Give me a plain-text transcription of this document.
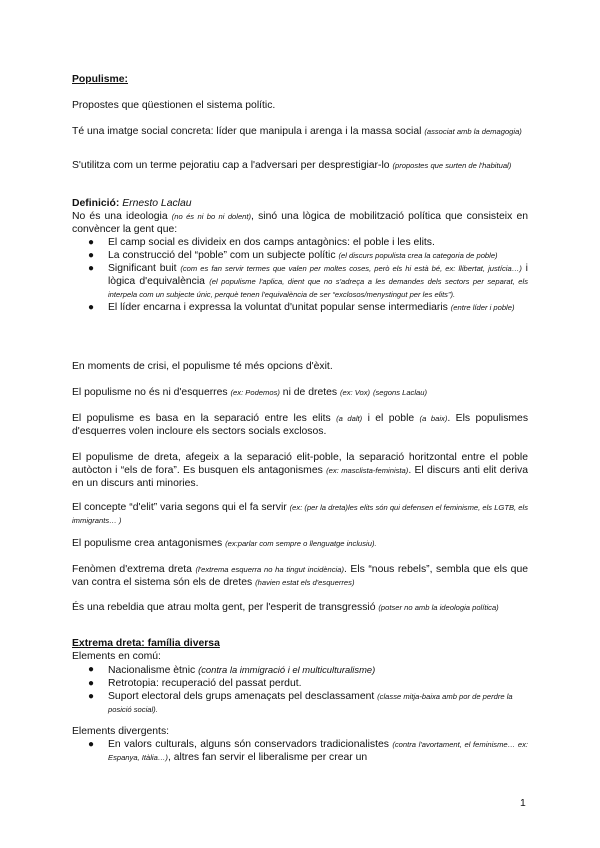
Populisme:

Propostes que qüestionen el sistema polític.

Té una imatge social concreta: líder que manipula i arenga i la massa social (associat amb la demagogia)

S'utilitza com un terme pejoratiu cap a l'adversari per desprestigiar-lo (propostes que surten de l'habitual)

Definició: Ernesto Laclau

No és una ideologia (no és ni bo ni dolent), sinó una lògica de mobilització política que consisteix en convèncer la gent que:

● El camp social es divideix en dos camps antagònics: el poble i les elits.
● La construcció del “poble” com un subjecte polític (el discurs populista crea la categoria de poble)
● Significant buit (com es fan servir termes que valen per moltes coses, però els hi està bé, ex: llibertat, justícia…) i lògica d'equivalència (el populisme l'aplica, dient que no s'adreça a les demandes dels sectors per separat, els interpela com un subjecte únic, perquè tenen l'equivalència de ser “exclosos/menystingut per les elits”).
● El líder encarna i expressa la voluntat d'unitat popular sense intermediaris (entre líder i poble)

En moments de crisi, el populisme té més opcions d'èxit.

El populisme no és ni d'esquerres (ex: Podemos) ni de dretes (ex: Vox) (segons Laclau)

El populisme es basa en la separació entre les elits (a dalt) i el poble (a baix). Els populismes d'esquerres volen incloure els sectors socials exclosos.

El populisme de dreta, afegeix a la separació elit-poble, la separació horitzontal entre el poble autòcton i “els de fora”. Es busquen els antagonismes (ex: masclista-feminista). El discurs anti elit deriva en un discurs anti minories.

El concepte “d'elit” varia segons qui el fa servir (ex: (per la dreta)les elits són qui defensen el feminisme, els LGTB, els immigrants… )

El populisme crea antagonismes (ex:parlar com sempre o llenguatge inclusiu).

Fenòmen d'extrema dreta (l'extrema esquerra no ha tingut incidència). Els “nous rebels”, sembla que els que van contra el sistema són els de dretes (havien estat els d'esquerres)

És una rebeldia que atrau molta gent, per l'esperit de transgressió (potser no amb la ideologia política)

Extrema dreta: família diversa

Elements en comú:

● Nacionalisme ètnic (contra la immigració i el multiculturalisme)
● Retrotopia: recuperació del passat perdut.
● Suport electoral dels grups amenaçats pel desclassament (classe mitja-baixa amb por de perdre la posició social).

Elements divergents:

● En valors culturals, alguns són conservadors tradicionalistes (contra l'avortament, el feminisme… ex: Espanya, Itàlia…), altres fan servir el liberalisme per crear un
1
